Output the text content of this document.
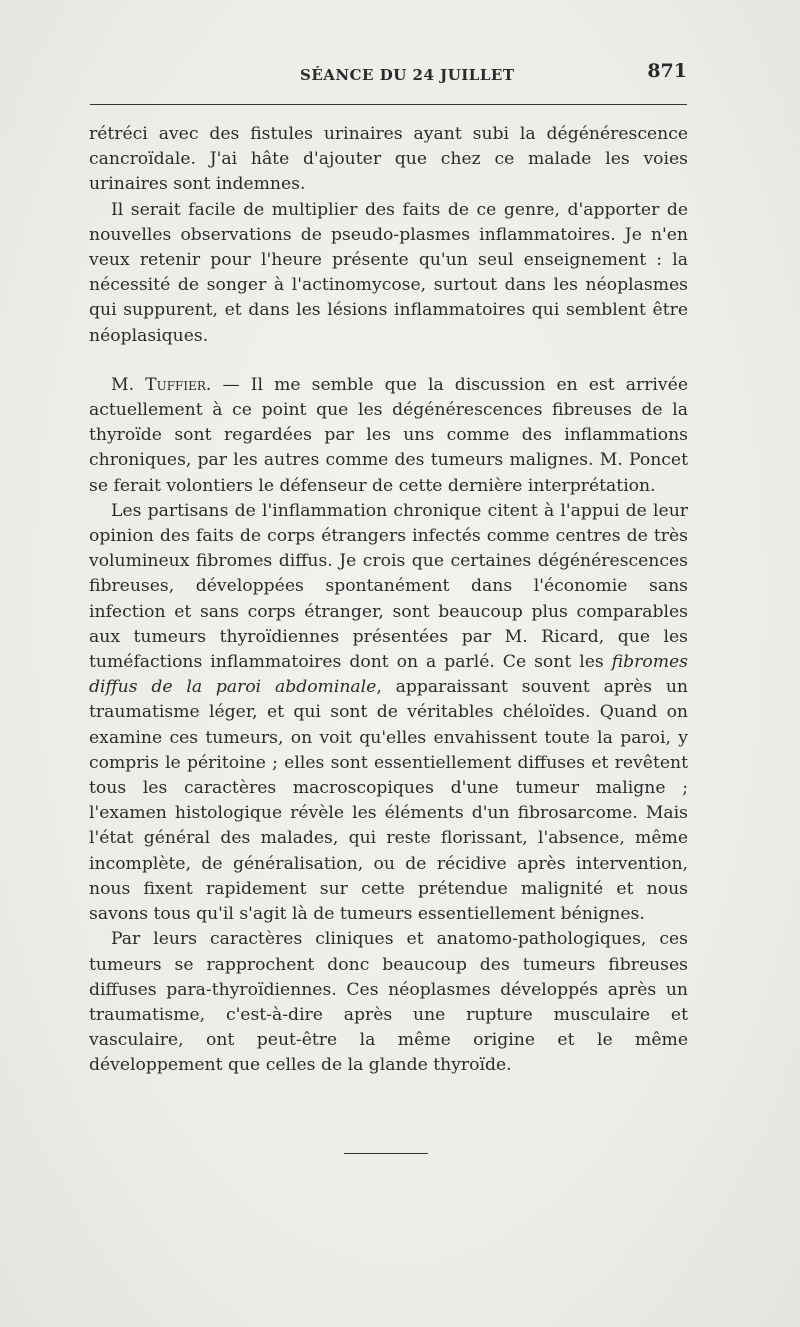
SÉANCE DU 24 JUILLET	871

rétréci avec des fistules urinaires ayant subi la dégénérescence cancroïdale. J'ai hâte d'ajouter que chez ce malade les voies urinaires sont indemnes.

Il serait facile de multiplier des faits de ce genre, d'apporter de nouvelles observations de pseudo-plasmes inflammatoires. Je n'en veux retenir pour l'heure présente qu'un seul enseignement : la nécessité de songer à l'actinomycose, surtout dans les néoplasmes qui suppurent, et dans les lésions inflammatoires qui semblent être néoplasiques.

M. Tuffier. — Il me semble que la discussion en est arrivée actuellement à ce point que les dégénérescences fibreuses de la thyroïde sont regardées par les uns comme des inflammations chroniques, par les autres comme des tumeurs malignes. M. Poncet se ferait volontiers le défenseur de cette dernière interprétation.

Les partisans de l'inflammation chronique citent à l'appui de leur opinion des faits de corps étrangers infectés comme centres de très volumineux fibromes diffus. Je crois que certaines dégénérescences fibreuses, développées spontanément dans l'économie sans infection et sans corps étranger, sont beaucoup plus comparables aux tumeurs thyroïdiennes présentées par M. Ricard, que les tuméfactions inflammatoires dont on a parlé. Ce sont les fibromes diffus de la paroi abdominale, apparaissant souvent après un traumatisme léger, et qui sont de véritables chéloïdes. Quand on examine ces tumeurs, on voit qu'elles envahissent toute la paroi, y compris le péritoine ; elles sont essentiellement diffuses et revêtent tous les caractères macroscopiques d'une tumeur maligne ; l'examen histologique révèle les éléments d'un fibrosarcome. Mais l'état général des malades, qui reste florissant, l'absence, même incomplète, de généralisation, ou de récidive après intervention, nous fixent rapidement sur cette prétendue malignité et nous savons tous qu'il s'agit là de tumeurs essentiellement bénignes.

Par leurs caractères cliniques et anatomo-pathologiques, ces tumeurs se rapprochent donc beaucoup des tumeurs fibreuses diffuses para-thyroïdiennes. Ces néoplasmes développés après un traumatisme, c'est-à-dire après une rupture musculaire et vasculaire, ont peut-être la même origine et le même développement que celles de la glande thyroïde.
